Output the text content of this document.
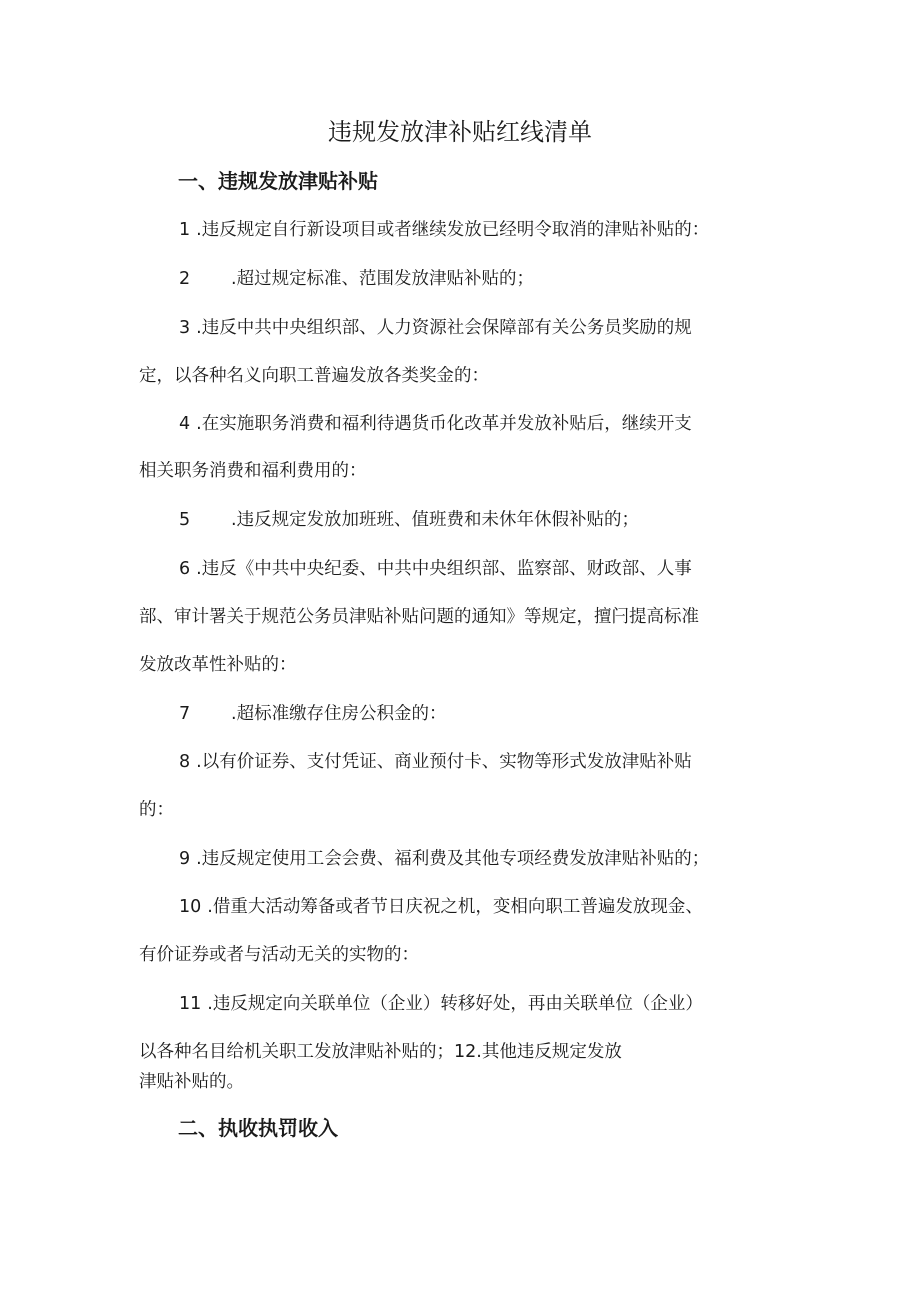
违规发放津补贴红线清单
一、违规发放津贴补贴
1 .违反规定自行新设项目或者继续发放已经明令取消的津贴补贴的：
2 .超过规定标准、范围发放津贴补贴的；
3 .违反中共中央组织部、人力资源社会保障部有关公务员奖励的规
定，以各种名义向职工普遍发放各类奖金的：
4 .在实施职务消费和福利待遇货币化改革并发放补贴后，继续开支
相关职务消费和福利费用的：
5 .违反规定发放加班班、值班费和未休年休假补贴的；
6 .违反《中共中央纪委、中共中央组织部、监察部、财政部、人事
部、审计署关于规范公务员津贴补贴问题的通知》等规定，擅闩提高标准
发放改革性补贴的：
7 .超标准缴存住房公积金的：
8 .以有价证券、支付凭证、商业预付卡、实物等形式发放津贴补贴
的：
9 .违反规定使用工会会费、福利费及其他专项经费发放津贴补贴的；
10 .借重大活动筹备或者节日庆祝之机，变相向职工普遍发放现金、
有价证券或者与活动无关的实物的：
11 .违反规定向关联单位（企业）转移好处，再由关联单位（企业）
以各种名目给机关职工发放津贴补贴的；12.其他违反规定发放
津贴补贴的。
二、执收执罚收入
